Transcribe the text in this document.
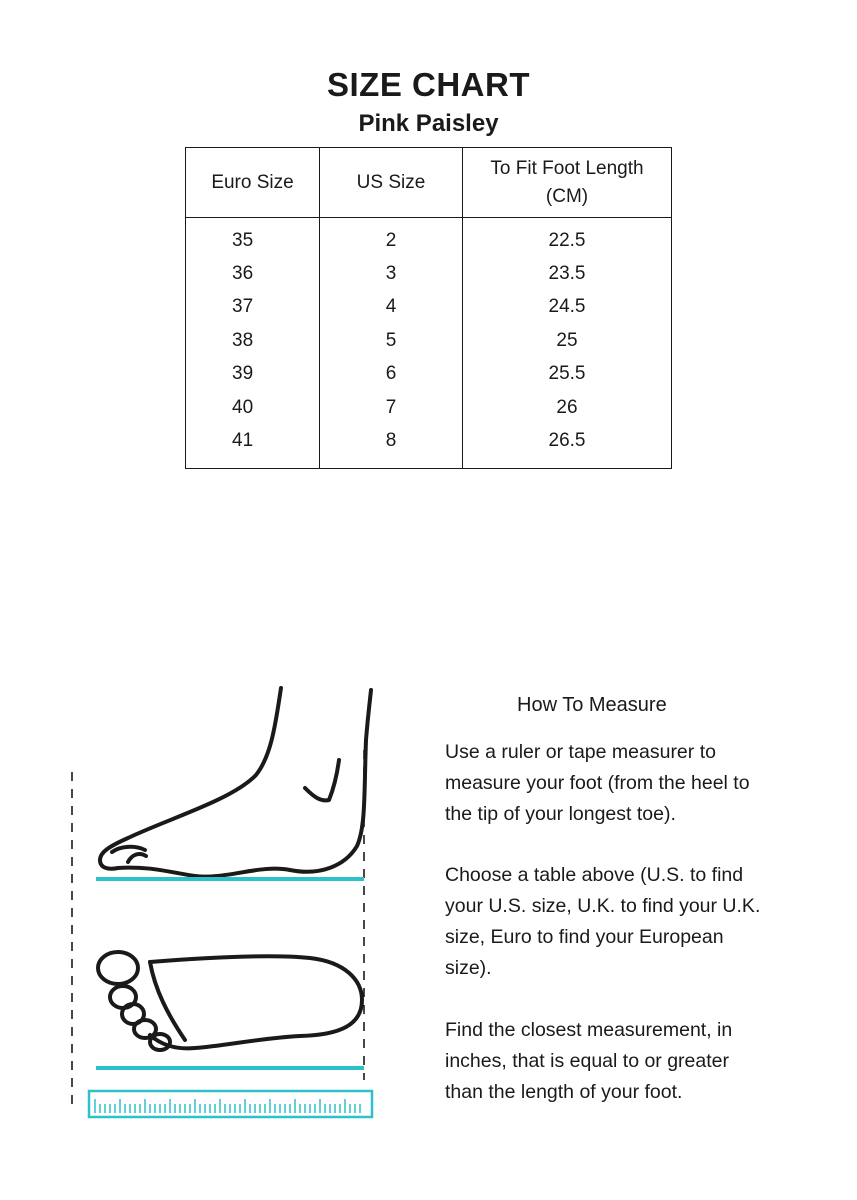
SIZE CHART
Pink Paisley
Euro Size	US Size	To Fit Foot Length
(CM)

35	2	22.5
36	3	23.5
37	4	24.5
38	5	25
39	6	25.5
40	7	26
41	8	26.5
How To Measure
Use a ruler or tape measurer to
measure your foot (from the heel to
the tip of your longest toe).
Choose a table above (U.S. to find
your U.S. size, U.K. to find your U.K.
size, Euro to find your European
size).
Find the closest measurement, in
inches, that is equal to or greater
than the length of your foot.
